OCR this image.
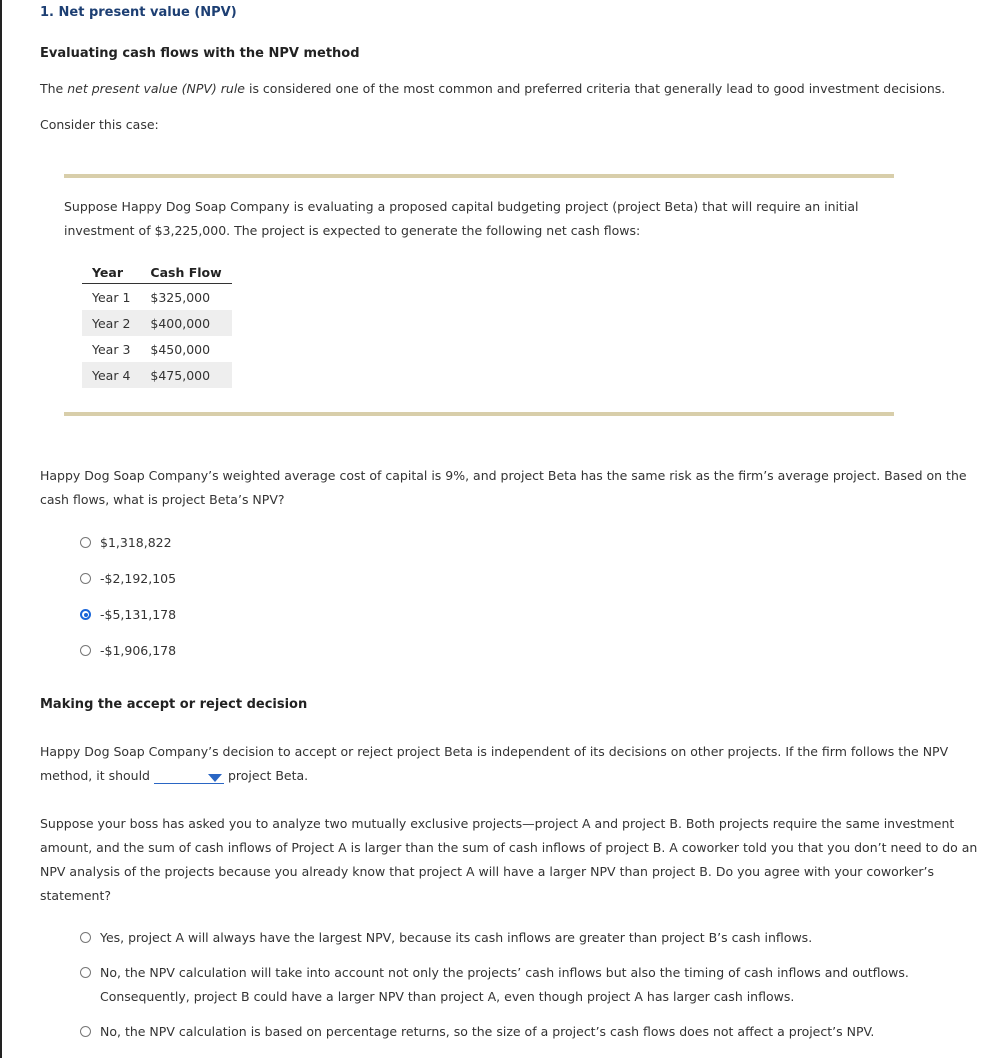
1. Net present value (NPV)
Evaluating cash flows with the NPV method
The net present value (NPV) rule is considered one of the most common and preferred criteria that generally lead to good investment decisions.
Consider this case:
Suppose Happy Dog Soap Company is evaluating a proposed capital budgeting project (project Beta) that will require an initial
investment of $3,225,000. The project is expected to generate the following net cash flows:
Year	Cash Flow
Year 1	$325,000
Year 2	$400,000
Year 3	$450,000
Year 4	$475,000
Happy Dog Soap Company’s weighted average cost of capital is 9%, and project Beta has the same risk as the firm’s average project. Based on the
cash flows, what is project Beta’s NPV?
$1,318,822
-$2,192,105
-$5,131,178
-$1,906,178
Making the accept or reject decision
Happy Dog Soap Company’s decision to accept or reject project Beta is independent of its decisions on other projects. If the firm follows the NPV
method, it should	project Beta.
Suppose your boss has asked you to analyze two mutually exclusive projects—project A and project B. Both projects require the same investment
amount, and the sum of cash inflows of Project A is larger than the sum of cash inflows of project B. A coworker told you that you don’t need to do an
NPV analysis of the projects because you already know that project A will have a larger NPV than project B. Do you agree with your coworker’s
statement?
Yes, project A will always have the largest NPV, because its cash inflows are greater than project B’s cash inflows.
No, the NPV calculation will take into account not only the projects’ cash inflows but also the timing of cash inflows and outflows.
Consequently, project B could have a larger NPV than project A, even though project A has larger cash inflows.
No, the NPV calculation is based on percentage returns, so the size of a project’s cash flows does not affect a project’s NPV.
